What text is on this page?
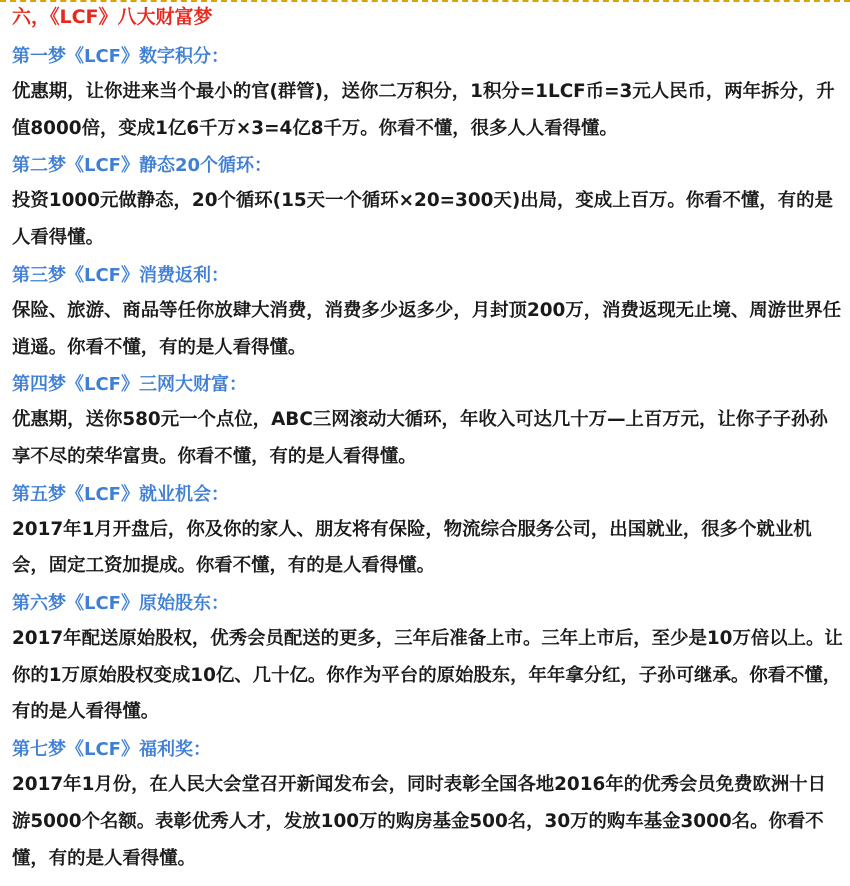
六，《LCF》八大财富梦
第一梦《LCF》数字积分：
优惠期，让你进来当个最小的官(群管)，送你二万积分，1积分=1LCF币=3元人民币，两年拆分，升值8000倍，变成1亿6千万×3=4亿8千万。你看不懂，很多人人看得懂。
第二梦《LCF》静态20个循环：
投资1000元做静态，20个循环(15天一个循环×20=300天)出局，变成上百万。你看不懂，有的是人看得懂。
第三梦《LCF》消费返利：
保险、旅游、商品等任你放肆大消费，消费多少返多少，月封顶200万，消费返现无止境、周游世界任逍遥。你看不懂，有的是人看得懂。
第四梦《LCF》三网大财富：
优惠期，送你580元一个点位，ABC三网滚动大循环，年收入可达几十万—上百万元，让你子子孙孙享不尽的荣华富贵。你看不懂，有的是人看得懂。
第五梦《LCF》就业机会：
2017年1月开盘后，你及你的家人、朋友将有保险，物流综合服务公司，出国就业，很多个就业机会，固定工资加提成。你看不懂，有的是人看得懂。
第六梦《LCF》原始股东：
2017年配送原始股权，优秀会员配送的更多，三年后准备上市。三年上市后，至少是10万倍以上。让你的1万原始股权变成10亿、几十亿。你作为平台的原始股东，年年拿分红，子孙可继承。你看不懂，有的是人看得懂。
第七梦《LCF》福利奖：
2017年1月份，在人民大会堂召开新闻发布会，同时表彰全国各地2016年的优秀会员免费欧洲十日游5000个名额。表彰优秀人才，发放100万的购房基金500名，30万的购车基金3000名。你看不懂，有的是人看得懂。
